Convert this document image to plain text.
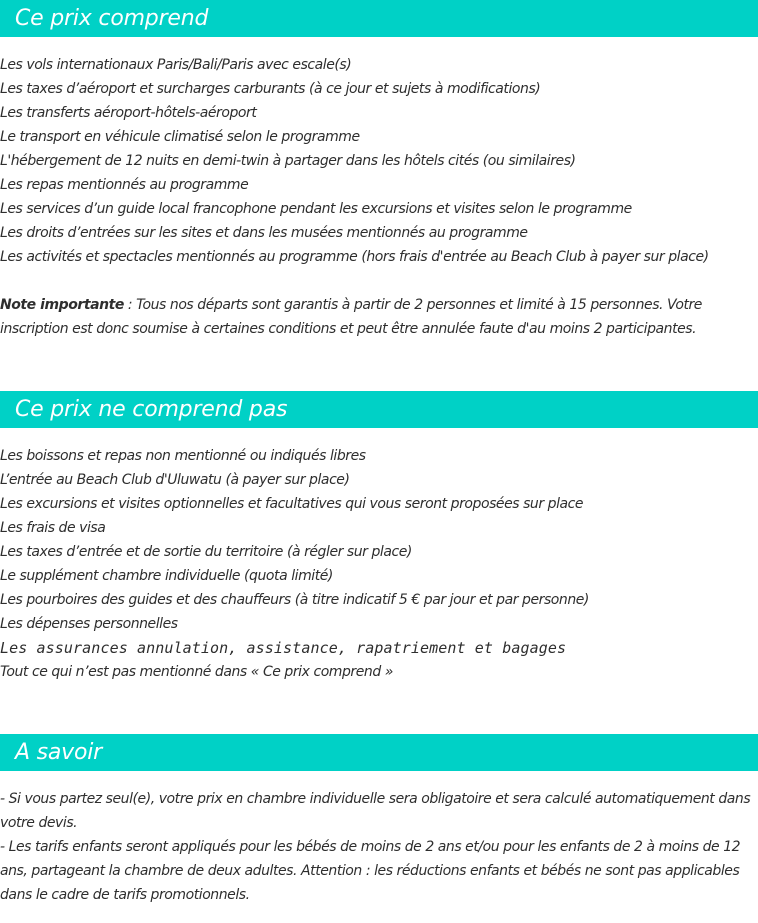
Ce prix comprend
Les vols internationaux Paris/Bali/Paris avec escale(s)
Les taxes d’aéroport et surcharges carburants (à ce jour et sujets à modifications)
Les transferts aéroport-hôtels-aéroport
Le transport en véhicule climatisé selon le programme
L'hébergement de 12 nuits en demi-twin à partager dans les hôtels cités (ou similaires)
Les repas mentionnés au programme
Les services d’un guide local francophone pendant les excursions et visites selon le programme
Les droits d’entrées sur les sites et dans les musées mentionnés au programme
Les activités et spectacles mentionnés au programme (hors frais d'entrée au Beach Club à payer sur place)

Note importante : Tous nos départs sont garantis à partir de 2 personnes et limité à 15 personnes. Votre inscription est donc soumise à certaines conditions et peut être annulée faute d'au moins 2 participantes.

Ce prix ne comprend pas
Les boissons et repas non mentionné ou indiqués libres
L’entrée au Beach Club d'Uluwatu (à payer sur place)
Les excursions et visites optionnelles et facultatives qui vous seront proposées sur place
Les frais de visa
Les taxes d’entrée et de sortie du territoire (à régler sur place)
Le supplément chambre individuelle (quota limité)
Les pourboires des guides et des chauffeurs (à titre indicatif 5 € par jour et par personne)
Les dépenses personnelles
Les assurances annulation, assistance, rapatriement et bagages
Tout ce qui n’est pas mentionné dans « Ce prix comprend »
A savoir

- Si vous partez seul(e), votre prix en chambre individuelle sera obligatoire et sera calculé automatiquement dans votre devis.

- Les tarifs enfants seront appliqués pour les bébés de moins de 2 ans et/ou pour les enfants de 2 à moins de 12 ans, partageant la chambre de deux adultes. Attention : les réductions enfants et bébés ne sont pas applicables dans le cadre de tarifs promotionnels.
